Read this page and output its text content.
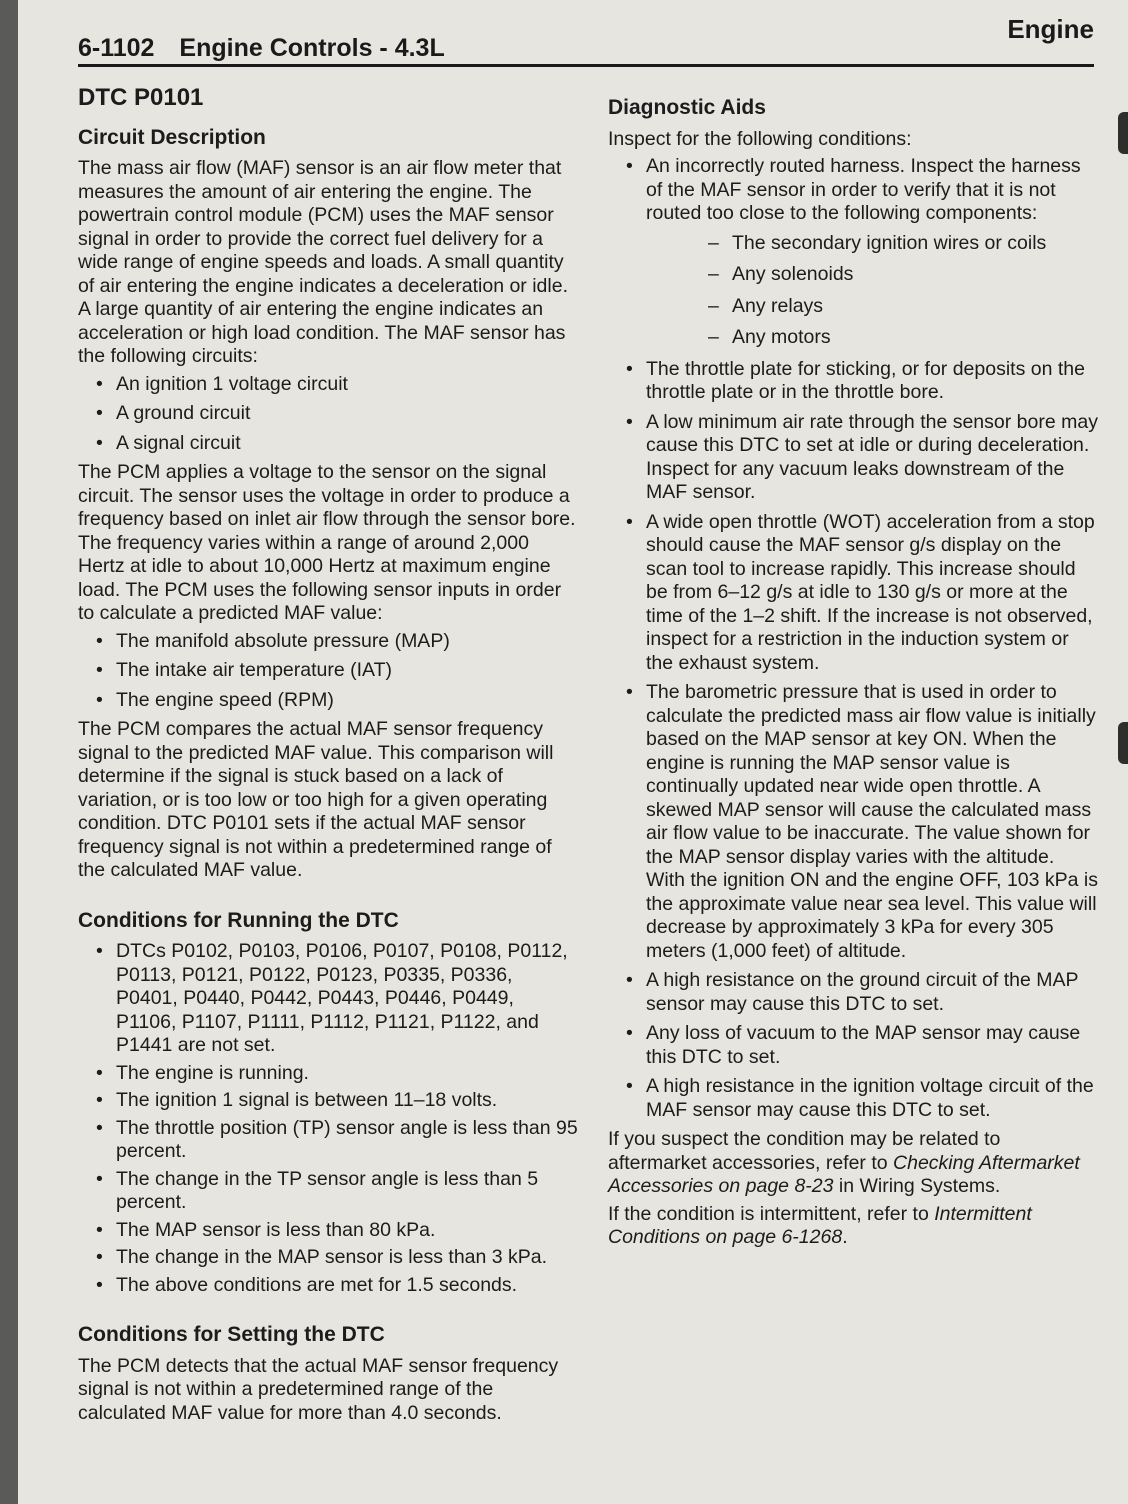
6-1102 Engine Controls - 4.3L
Engine
DTC P0101
Circuit Description

The mass air flow (MAF) sensor is an air flow meter that measures the amount of air entering the engine. The powertrain control module (PCM) uses the MAF sensor signal in order to provide the correct fuel delivery for a wide range of engine speeds and loads. A small quantity of air entering the engine indicates a deceleration or idle. A large quantity of air entering the engine indicates an acceleration or high load condition. The MAF sensor has the following circuits:

• An ignition 1 voltage circuit
• A ground circuit
• A signal circuit

The PCM applies a voltage to the sensor on the signal circuit. The sensor uses the voltage in order to produce a frequency based on inlet air flow through the sensor bore. The frequency varies within a range of around 2,000 Hertz at idle to about 10,000 Hertz at maximum engine load. The PCM uses the following sensor inputs in order to calculate a predicted MAF value:

• The manifold absolute pressure (MAP)
• The intake air temperature (IAT)
• The engine speed (RPM)

The PCM compares the actual MAF sensor frequency signal to the predicted MAF value. This comparison will determine if the signal is stuck based on a lack of variation, or is too low or too high for a given operating condition. DTC P0101 sets if the actual MAF sensor frequency signal is not within a predetermined range of the calculated MAF value.

Conditions for Running the DTC
• DTCs P0102, P0103, P0106, P0107, P0108, P0112, P0113, P0121, P0122, P0123, P0335, P0336, P0401, P0440, P0442, P0443, P0446, P0449, P1106, P1107, P1111, P1112, P1121, P1122, and P1441 are not set.
• The engine is running.
• The ignition 1 signal is between 11–18 volts.
• The throttle position (TP) sensor angle is less than 95 percent.
• The change in the TP sensor angle is less than 5 percent.
• The MAP sensor is less than 80 kPa.
• The change in the MAP sensor is less than 3 kPa.
• The above conditions are met for 1.5 seconds.
Conditions for Setting the DTC

The PCM detects that the actual MAF sensor frequency signal is not within a predetermined range of the calculated MAF value for more than 4.0 seconds.

Diagnostic Aids

Inspect for the following conditions:

• An incorrectly routed harness. Inspect the harness of the MAF sensor in order to verify that it is not routed too close to the following components:
– The secondary ignition wires or coils
– Any solenoids
– Any relays
– Any motors
• The throttle plate for sticking, or for deposits on the throttle plate or in the throttle bore.
• A low minimum air rate through the sensor bore may cause this DTC to set at idle or during deceleration. Inspect for any vacuum leaks downstream of the MAF sensor.
• A wide open throttle (WOT) acceleration from a stop should cause the MAF sensor g/s display on the scan tool to increase rapidly. This increase should be from 6–12 g/s at idle to 130 g/s or more at the time of the 1–2 shift. If the increase is not observed, inspect for a restriction in the induction system or the exhaust system.
• The barometric pressure that is used in order to calculate the predicted mass air flow value is initially based on the MAP sensor at key ON. When the engine is running the MAP sensor value is continually updated near wide open throttle. A skewed MAP sensor will cause the calculated mass air flow value to be inaccurate. The value shown for the MAP sensor display varies with the altitude. With the ignition ON and the engine OFF, 103 kPa is the approximate value near sea level. This value will decrease by approximately 3 kPa for every 305 meters (1,000 feet) of altitude.
• A high resistance on the ground circuit of the MAP sensor may cause this DTC to set.
• Any loss of vacuum to the MAP sensor may cause this DTC to set.
• A high resistance in the ignition voltage circuit of the MAF sensor may cause this DTC to set.

If you suspect the condition may be related to aftermarket accessories, refer to Checking Aftermarket Accessories on page 8-23 in Wiring Systems.

If the condition is intermittent, refer to Intermittent Conditions on page 6-1268.
